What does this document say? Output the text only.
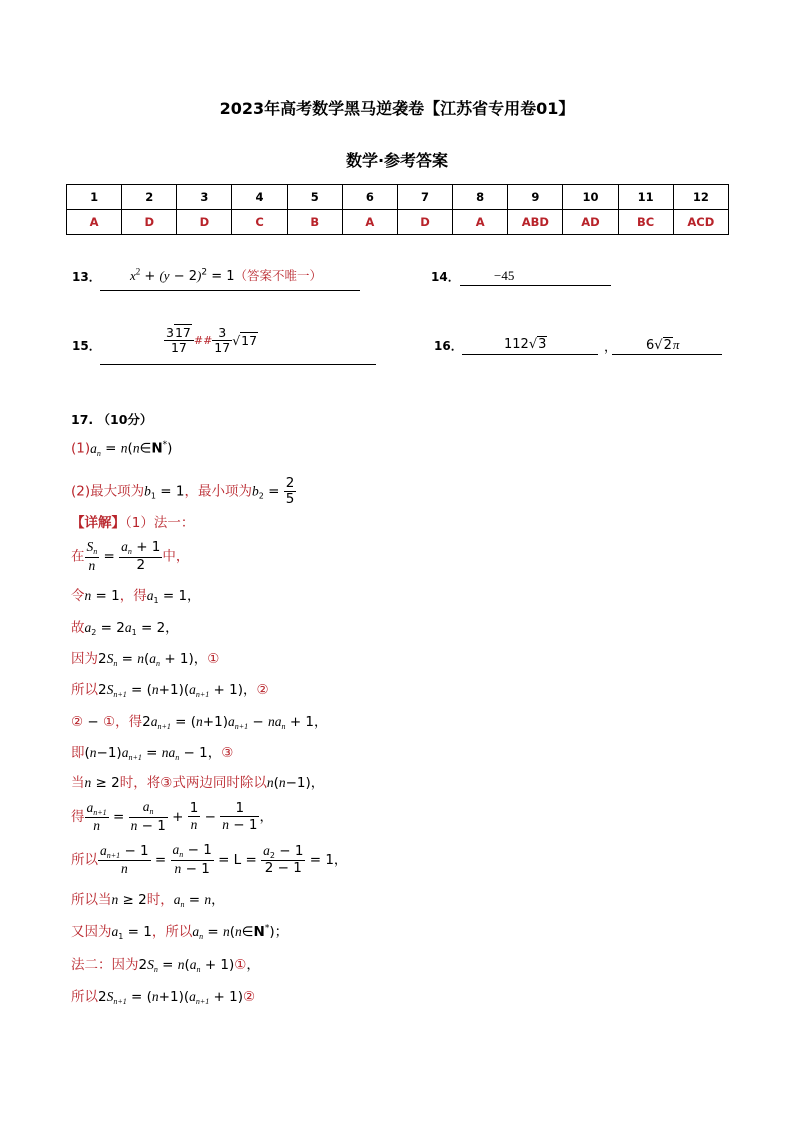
2023年高考数学黑马逆袭卷【江苏省专用卷01】
数学·参考答案
1	2	3	4	5	6	7	8	9	10	11	12
A	D	D	C	B	A	D	A	ABD	AD	BC	ACD
13． $x^2 + (y - 2)^2 = 1$（答案不唯一）	14．	−45
15．	$\frac{317}{17}$ ## $\frac{3}{17} √17$	16．	112√3	， 6√2π
17. （10分）
$(1)a_n$ = n(n∈N*)
(2)最大项为$b_1 = 1$，最小项为$b_2 = \frac{2}{5}$
【详解】（1）法一：
在 $\frac{S_n}{n} = \frac{a_n + 1}{2}$ 中，
令n = 1，得$a_1 = 1$，
故$a_2 = 2a_1 = 2$，
因为$2S_n = n(a_n + 1)$，①
所以$2S_{n+1} = (n+1)(a_{n+1} + 1)$，②
② − ①，得$2a_{n+1} = (n+1)a_{n+1} - na_n + 1$，
即$(n-1)a_{n+1} = na_n - 1$，③
当n ≥ 2时，将③式两边同时除以n(n−1)，
得 $\frac{a_{n+1}}{n} = \frac{a_n}{n - 1} + \frac{1}{n} - \frac{1}{n - 1}$ ，
所以 $\frac{a_{n+1} - 1}{n} = \frac{a_n - 1}{n - 1} = L = \frac{a_2 - 1}{2 - 1} = 1$，
所以当n ≥ 2时，$a_n = n$，
又因为$a_1 = 1$，所以$a_n$ = n(n∈N*)；
法二：因为$2S_n = n(a_n$ + 1)①，
所以$2S_{n+1} = (n+1)(a_{n+1}$ + 1)②
